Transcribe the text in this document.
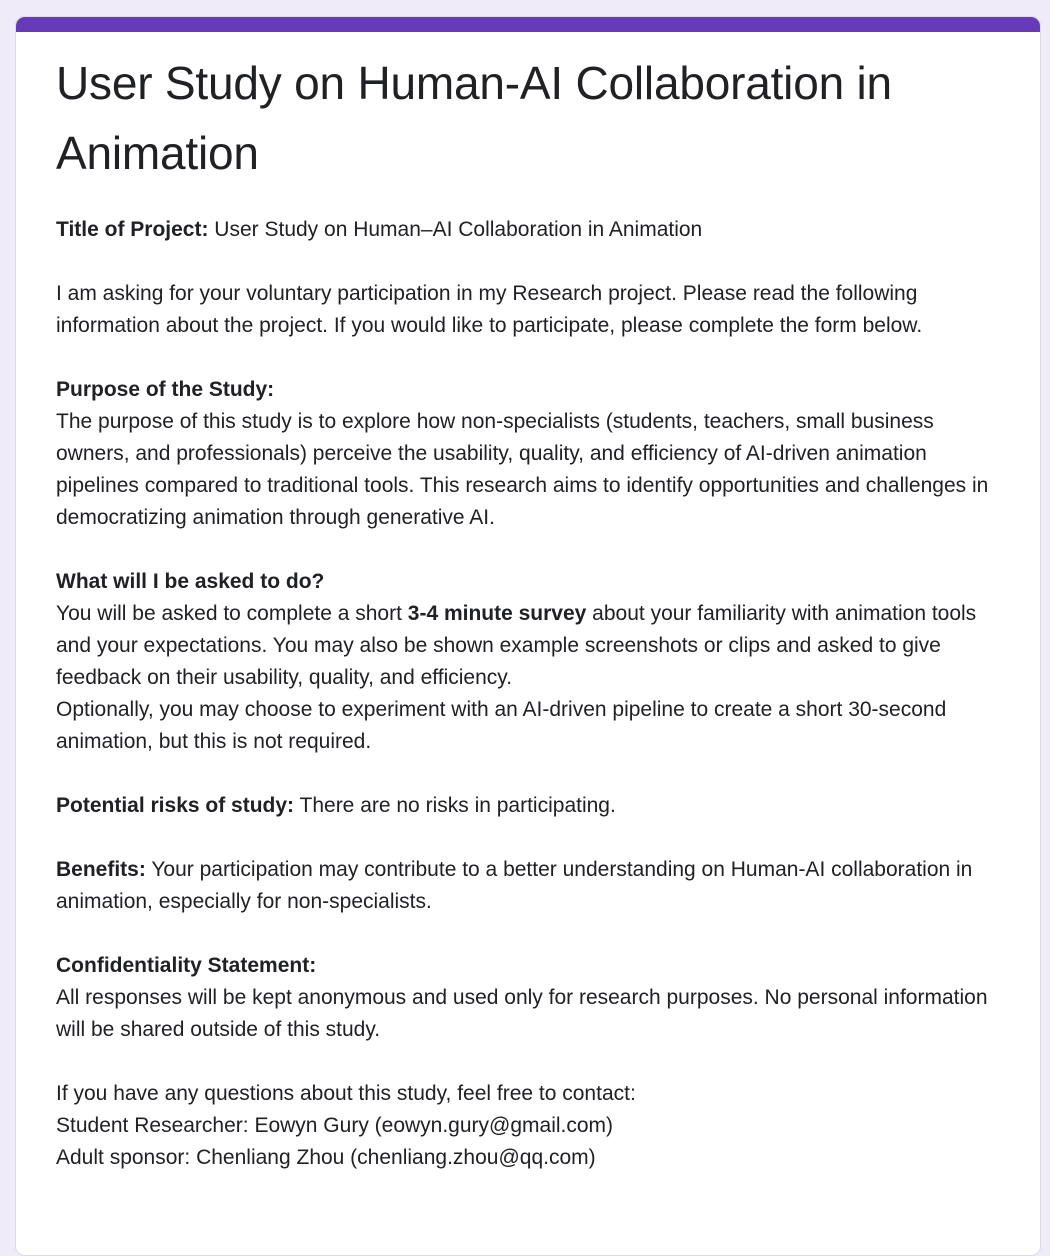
User Study on Human-AI Collaboration in Animation

Title of Project: User Study on Human–AI Collaboration in Animation

I am asking for your voluntary participation in my Research project. Please read the following information about the project. If you would like to participate, please complete the form below.

Purpose of the Study:
The purpose of this study is to explore how non-specialists (students, teachers, small business owners, and professionals) perceive the usability, quality, and efficiency of AI-driven animation pipelines compared to traditional tools. This research aims to identify opportunities and challenges in democratizing animation through generative AI.

What will I be asked to do?
You will be asked to complete a short 3-4 minute survey about your familiarity with animation tools and your expectations. You may also be shown example screenshots or clips and asked to give feedback on their usability, quality, and efficiency.
Optionally, you may choose to experiment with an AI-driven pipeline to create a short 30-second animation, but this is not required.

Potential risks of study: There are no risks in participating.

Benefits: Your participation may contribute to a better understanding on Human-AI collaboration in animation, especially for non-specialists.

Confidentiality Statement:
All responses will be kept anonymous and used only for research purposes. No personal information will be shared outside of this study.

If you have any questions about this study, feel free to contact:
Student Researcher: Eowyn Gury (eowyn.gury@gmail.com)
Adult sponsor: Chenliang Zhou (chenliang.zhou@qq.com)
